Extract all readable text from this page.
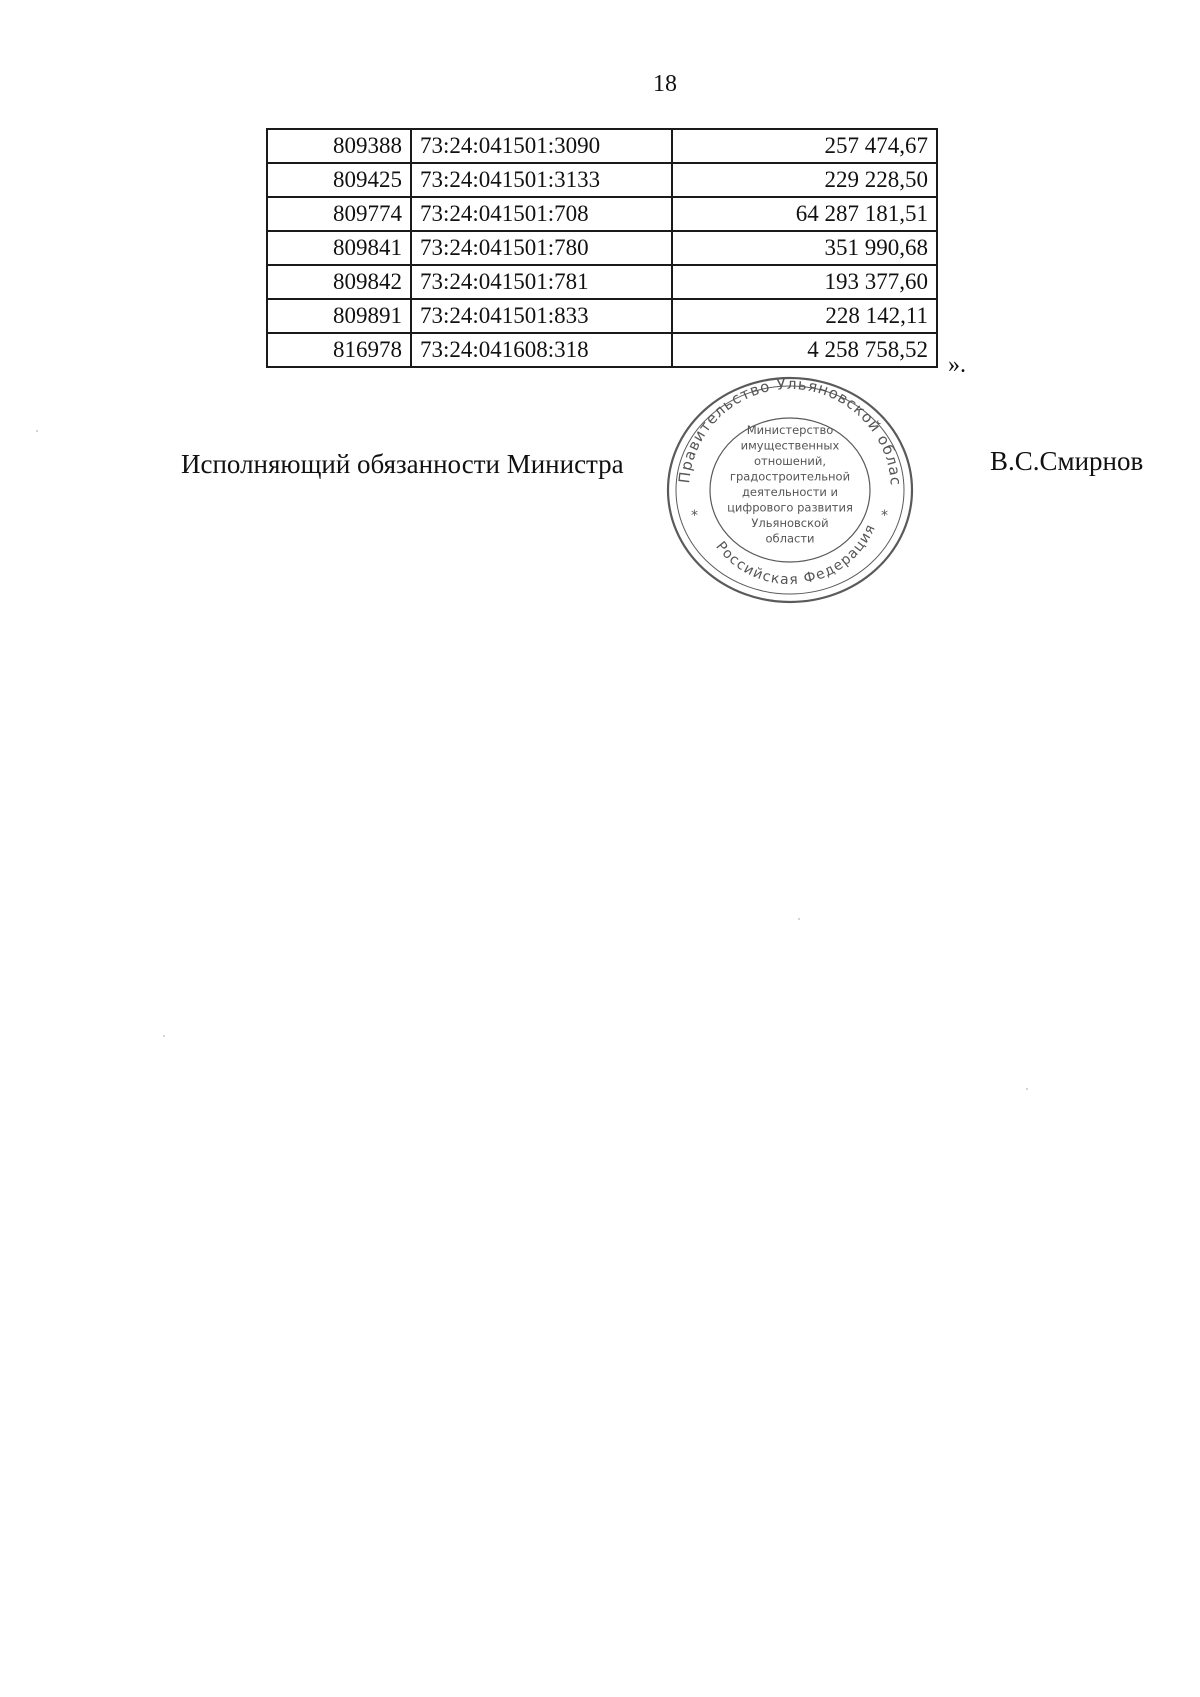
18
809388	73:24:041501:3090	257 474,67
809425	73:24:041501:3133	229 228,50
809774	73:24:041501:708	64 287 181,51
809841	73:24:041501:780	351 990,68
809842	73:24:041501:781	193 377,60
809891	73:24:041501:833	228 142,11
816978	73:24:041608:318	4 258 758,52
».
Исполняющий обязанности Министра	В.С.Смирнов
Правительство Ульяновской области
Российская Федерация
*	*
Министерство
имущественных
отношений,
градостроительной
деятельности и
цифрового развития
Ульяновской
области
